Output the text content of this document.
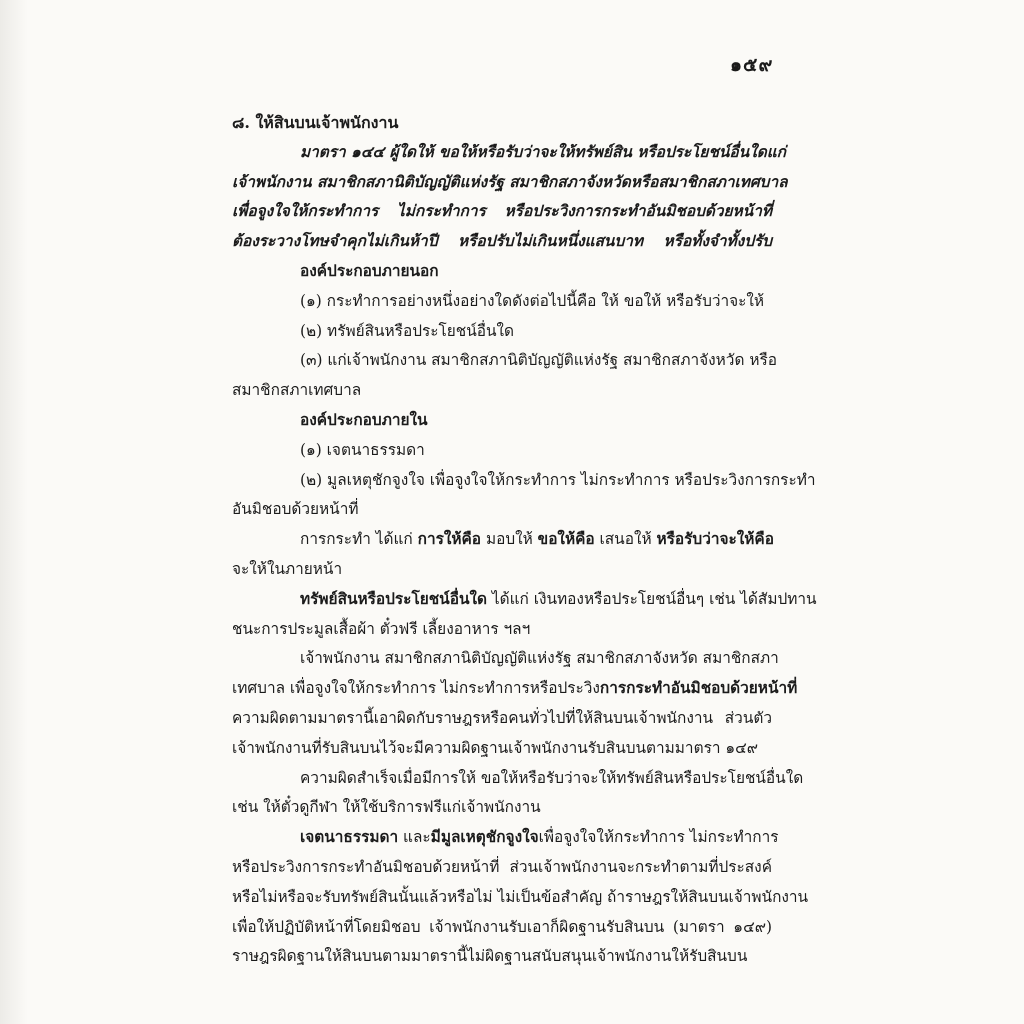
๑๕๙
๘. ให้สินบนเจ้าพนักงาน
มาตรา ๑๔๔ ผู้ใดให้ ขอให้หรือรับว่าจะให้ทรัพย์สิน หรือประโยชน์อื่นใดแก่
เจ้าพนักงาน สมาชิกสภานิติบัญญัติแห่งรัฐ สมาชิกสภาจังหวัดหรือสมาชิกสภาเทศบาล
เพื่อจูงใจให้กระทำการ ไม่กระทำการ หรือประวิงการกระทำอันมิชอบด้วยหน้าที่
ต้องระวางโทษจำคุกไม่เกินห้าปี หรือปรับไม่เกินหนึ่งแสนบาท หรือทั้งจำทั้งปรับ
องค์ประกอบภายนอก
(๑) กระทำการอย่างหนึ่งอย่างใดดังต่อไปนี้คือ ให้ ขอให้ หรือรับว่าจะให้
(๒) ทรัพย์สินหรือประโยชน์อื่นใด
(๓) แก่เจ้าพนักงาน สมาชิกสภานิติบัญญัติแห่งรัฐ สมาชิกสภาจังหวัด หรือ
สมาชิกสภาเทศบาล
องค์ประกอบภายใน
(๑) เจตนาธรรมดา
(๒) มูลเหตุชักจูงใจ เพื่อจูงใจให้กระทำการ ไม่กระทำการ หรือประวิงการกระทำ
อันมิชอบด้วยหน้าที่
การกระทำ ได้แก่ การให้คือ มอบให้ ขอให้คือ เสนอให้ หรือรับว่าจะให้คือ
จะให้ในภายหน้า
ทรัพย์สินหรือประโยชน์อื่นใด ได้แก่ เงินทองหรือประโยชน์อื่นๆ เช่น ได้สัมปทาน
ชนะการประมูลเสื้อผ้า ตั๋วฟรี เลี้ยงอาหาร ฯลฯ
เจ้าพนักงาน สมาชิกสภานิติบัญญัติแห่งรัฐ สมาชิกสภาจังหวัด สมาชิกสภา
เทศบาล เพื่อจูงใจให้กระทำการ ไม่กระทำการหรือประวิงการกระทำอันมิชอบด้วยหน้าที่
ความผิดตามมาตรานี้เอาผิดกับราษฎรหรือคนทั่วไปที่ให้สินบนเจ้าพนักงาน ส่วนตัว
เจ้าพนักงานที่รับสินบนไว้จะมีความผิดฐานเจ้าพนักงานรับสินบนตามมาตรา ๑๔๙
ความผิดสำเร็จเมื่อมีการให้ ขอให้หรือรับว่าจะให้ทรัพย์สินหรือประโยชน์อื่นใด
เช่น ให้ตั๋วดูกีฬา ให้ใช้บริการฟรีแก่เจ้าพนักงาน
เจตนาธรรมดา และมีมูลเหตุชักจูงใจเพื่อจูงใจให้กระทำการ ไม่กระทำการ
หรือประวิงการกระทำอันมิชอบด้วยหน้าที่ ส่วนเจ้าพนักงานจะกระทำตามที่ประสงค์
หรือไม่หรือจะรับทรัพย์สินนั้นแล้วหรือไม่ ไม่เป็นข้อสำคัญ ถ้าราษฎรให้สินบนเจ้าพนักงาน
เพื่อให้ปฏิบัติหน้าที่โดยมิชอบ เจ้าพนักงานรับเอาก็ผิดฐานรับสินบน (มาตรา ๑๔๙)
ราษฎรผิดฐานให้สินบนตามมาตรานี้ไม่ผิดฐานสนับสนุนเจ้าพนักงานให้รับสินบน
